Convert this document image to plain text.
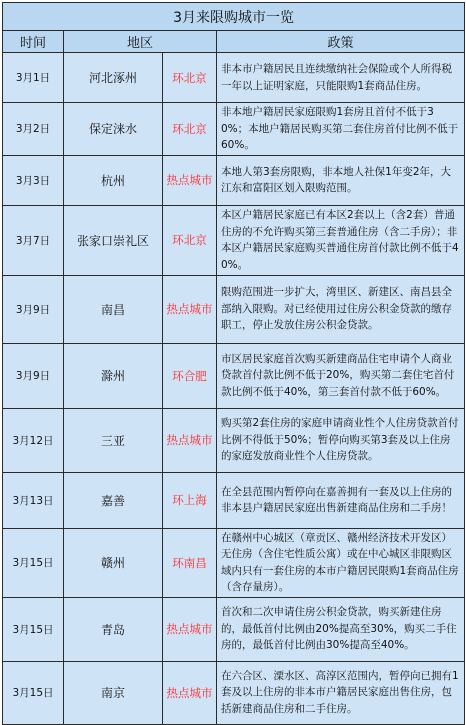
3月来限购城市一览			
时间	地区		政策
3月1日	河北涿州	环北京	非本市户籍居民且连续缴纳社会保险或个人所得税一年以上证明家庭，只能限购1套商品住房。
3月2日	保定涞水	环北京	非本地户籍居民家庭限购1套房且首付不低于30%；本地户籍居民购买第二套住房首付比例不低于60%。
3月3日	杭州	热点城市	本地人第3套房限购，非本地人社保1年变2年，大江东和富阳区划入限购范围。
3月7日	张家口崇礼区	环北京	本区户籍居民家庭已有本区2套以上（含2套）普通住房的不允许购买第三套普通住房（含二手房）；非本区户籍居民家庭购买普通住房首付款比例不低于40%。
3月9日	南昌	热点城市	限购范围进一步扩大，湾里区、新建区、南昌县全部纳入限购。对已经使用过住房公积金贷款的缴存职工，停止发放住房公积金贷款。
3月9日	滁州	环合肥	市区居民家庭首次购买新建商品住宅申请个人商业贷款首付款比例不低于20%，购买第二套住宅首付款比例不低于40%，第三套首付款不低于60%。
3月12日	三亚	热点城市	购买第2套住房的家庭申请商业性个人住房贷款首付比例不得低于50%；暂停向购买第3套及以上住房的家庭发放商业性个人住房贷款。
3月13日	嘉善	环上海	在全县范围内暂停向在嘉善拥有一套及以上住房的非本县户籍居民家庭出售新建商品住房和二手房！
3月15日	赣州	环南昌	在赣州中心城区（章贡区、赣州经济技术开发区）无住房（含住宅性质公寓）或在中心城区非限购区域内只有一套住房的本市户籍居民限购1套商品住房（含存量房）。
3月15日	青岛	热点城市	首次和二次申请住房公积金贷款，购买新建住房的，最低首付比例由20%提高至30%，购买二手住房的，最低首付比例由30%提高至40%。
3月15日	南京	热点城市	在六合区、溧水区、高淳区范围内，暂停向已拥有1套及以上住房的非本市户籍居民家庭出售住房，包括新建商品住房和二手住房。
